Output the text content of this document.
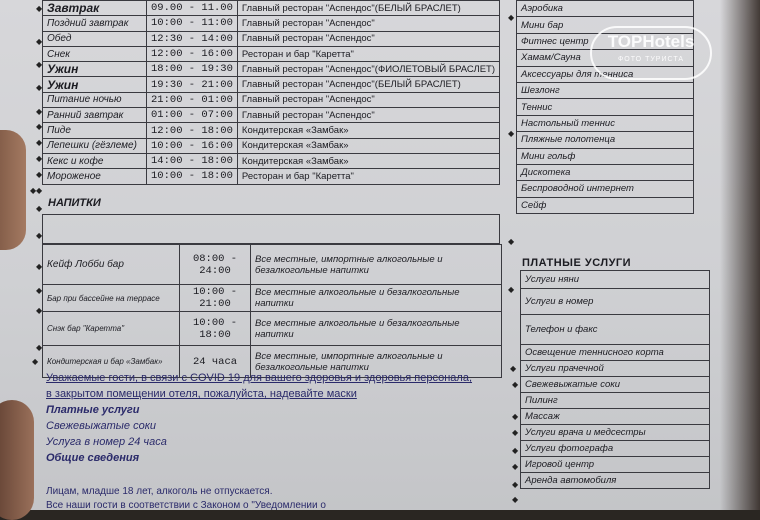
Завтрак	09.00 - 11.00	Главный ресторан "Аспендос"(БЕЛЫЙ БРАСЛЕТ)
Поздний завтрак	10:00 - 11:00	Главный ресторан "Аспендос"
Обед	12:30 - 14:00	Главный ресторан "Аспендос"
Снек	12:00 - 16:00	Ресторан и бар "Каретта"
Ужин	18:00 - 19:30	Главный ресторан "Аспендос"(ФИОЛЕТОВЫЙ БРАСЛЕТ)
Ужин	19:30 - 21:00	Главный ресторан "Аспендос"(БЕЛЫЙ БРАСЛЕТ)
Питание ночью	21:00 - 01:00	Главный ресторан "Аспендос"
Ранний завтрак	01:00 - 07:00	Главный ресторан "Аспендос"
Пиде	12:00 - 18:00	Кондитерская «Замбак»
Лепешки (гёзлеме)	10:00 - 16:00	Кондитерская «Замбак»
Кекс и кофе	14:00 - 18:00	Кондитерская «Замбак»
Мороженое	10:00 - 18:00	Ресторан и бар "Каретта"
НАПИТКИ
Кейф Лобби бар	08:00 - 24:00	Все местные, импортные алкогольные и безалкогольные напитки
Бар при бассейне на террасе	10:00 - 21:00	Все местные алкогольные и безалкогольные напитки
Снэк бар "Каретта"	10:00 - 18:00	Все местные алкогольные и безалкогольные напитки
Кондитерская и бар «Замбак»	24 часа	Все местные, импортные алкогольные и безалкогольные напитки
Уважаемые гости, в связи с COVID 19 для вашего здоровья и здоровья персонала,
в закрытом помещении отеля, пожалуйста, надевайте маски
Платные услуги
Свежевыжатые соки
Услуга в номер 24 часа
Общие сведения
Лицам, младше 18 лет, алкоголь не отпускается.
Все наши гости в соответствии с Законом о "Уведомлении о
Аэробика
Мини бар
Фитнес центр
Хамам/Сауна
Аксессуары для тенниса
Шезлонг
Теннис
Настольный теннис
Пляжные полотенца
Мини гольф
Дискотека
Беспроводной интернет
Сейф
ПЛАТНЫЕ УСЛУГИ
Услуги няни
Услуги в номер
Телефон и факс
Освещение теннисного корта
Услуги прачечной
Свежевыжатые соки
Пилинг
Массаж
Услуги врача и медсестры
Услуги фотографа
Игровой центр
Аренда автомобиля
◆
◆
◆
◆
◆
◆
◆
◆
◆
◆
◆
◆
◆
◆
◆
◆
◆
◆
◆
◆
◆
◆
◆
◆
◆
◆
◆
◆
◆
◆
TOPHotels
ФОТО ТУРИСТА
